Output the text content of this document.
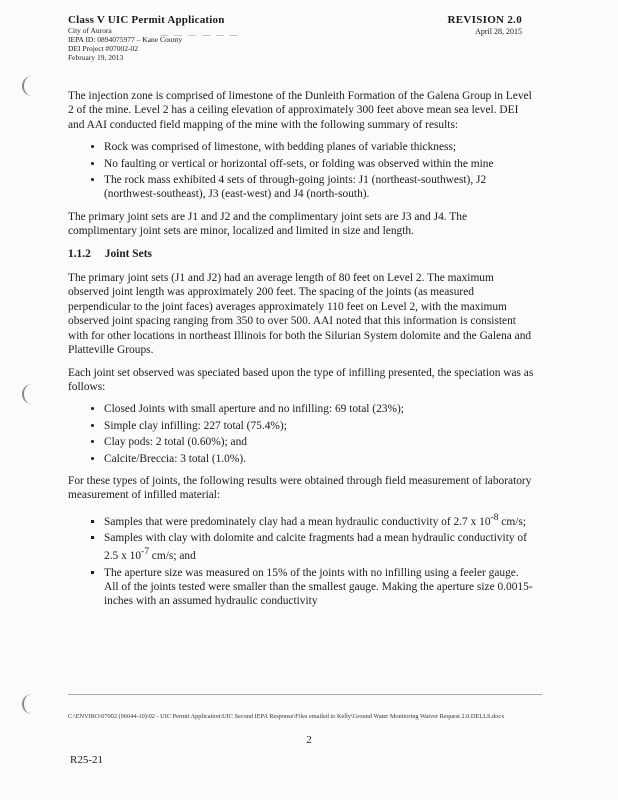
Class V UIC Permit Application
City of Aurora
IEPA ID: 0894075977 – Kane County
DEI Project #07002-02
February 19, 2013
— — — — — —
REVISION 2.0
April 28, 2015

The injection zone is comprised of limestone of the Dunleith Formation of the Galena Group in Level 2 of the mine. Level 2 has a ceiling elevation of approximately 300 feet above mean sea level. DEI and AAI conducted field mapping of the mine with the following summary of results:

• Rock was comprised of limestone, with bedding planes of variable thickness;
• No faulting or vertical or horizontal off-sets, or folding was observed within the mine
• The rock mass exhibited 4 sets of through-going joints: J1 (northeast-southwest), J2 (northwest-southeast), J3 (east-west) and J4 (north-south).

The primary joint sets are J1 and J2 and the complimentary joint sets are J3 and J4. The complimentary joint sets are minor, localized and limited in size and length.

1.1.2 Joint Sets

The primary joint sets (J1 and J2) had an average length of 80 feet on Level 2. The maximum observed joint length was approximately 200 feet. The spacing of the joints (as measured perpendicular to the joint faces) averages approximately 110 feet on Level 2, with the maximum observed joint spacing ranging from 350 to over 500. AAI noted that this information is consistent with for other locations in northeast Illinois for both the Silurian System dolomite and the Galena and Platteville Groups.

Each joint set observed was speciated based upon the type of infilling presented, the speciation was as follows:

• Closed Joints with small aperture and no infilling: 69 total (23%);
• Simple clay infilling: 227 total (75.4%);
• Clay pods: 2 total (0.60%); and
• Calcite/Breccia: 3 total (1.0%).

For these types of joints, the following results were obtained through field measurement of laboratory measurement of infilled material:

▪ Samples that were predominately clay had a mean hydraulic conductivity of 2.7 x $10^{-8}$ cm/s;
▪ Samples with clay with dolomite and calcite fragments had a mean hydraulic conductivity of 2.5 x $10^{-7}$ cm/s; and
▪ The aperture size was measured on 15% of the joints with no infilling using a feeler gauge. All of the joints tested were smaller than the smallest gauge. Making the aperture size 0.0015-inches with an assumed hydraulic conductivity
C:\ENVIRO\07002 (96044-10)\02 - UIC Permit Application\UIC Second IEPA Response\Files emailed to Kelly\Ground Water Monitoring Waiver Request 2.0.DELLS.docx
2
R25-21
